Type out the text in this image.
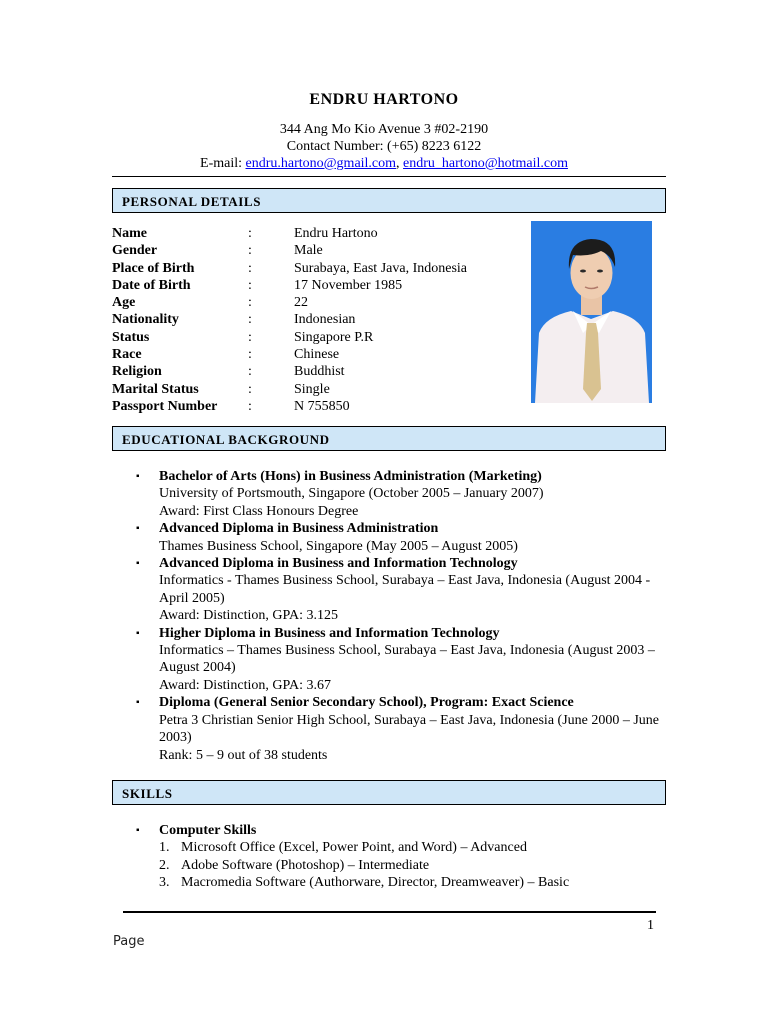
ENDRU HARTONO
344 Ang Mo Kio Avenue 3 #02-2190
Contact Number: (+65) 8223 6122
E-mail: endru.hartono@gmail.com, endru_hartono@hotmail.com
PERSONAL DETAILS
Name	:	Endru Hartono
Gender	:	Male
Place of Birth	:	Surabaya, East Java, Indonesia
Date of Birth	:	17 November 1985
Age	:	22
Nationality	:	Indonesian
Status	:	Singapore P.R
Race	:	Chinese
Religion	:	Buddhist
Marital Status	:	Single
Passport Number :	N 755850
EDUCATIONAL BACKGROUND
▪ Bachelor of Arts (Hons) in Business Administration (Marketing)
University of Portsmouth, Singapore (October 2005 – January 2007)
Award: First Class Honours Degree
▪ Advanced Diploma in Business Administration
Thames Business School, Singapore (May 2005 – August 2005)
▪ Advanced Diploma in Business and Information Technology
Informatics - Thames Business School, Surabaya – East Java, Indonesia (August 2004 - April 2005)
Award: Distinction, GPA: 3.125
▪ Higher Diploma in Business and Information Technology
Informatics – Thames Business School, Surabaya – East Java, Indonesia (August 2003 – August 2004)
Award: Distinction, GPA: 3.67
▪ Diploma (General Senior Secondary School), Program: Exact Science
Petra 3 Christian Senior High School, Surabaya – East Java, Indonesia (June 2000 – June 2003)
Rank: 5 – 9 out of 38 students
SKILLS
▪ Computer Skills
1. Microsoft Office (Excel, Power Point, and Word) – Advanced
2. Adobe Software (Photoshop) – Intermediate
3. Macromedia Software (Authorware, Director, Dreamweaver) – Basic
1
Page
